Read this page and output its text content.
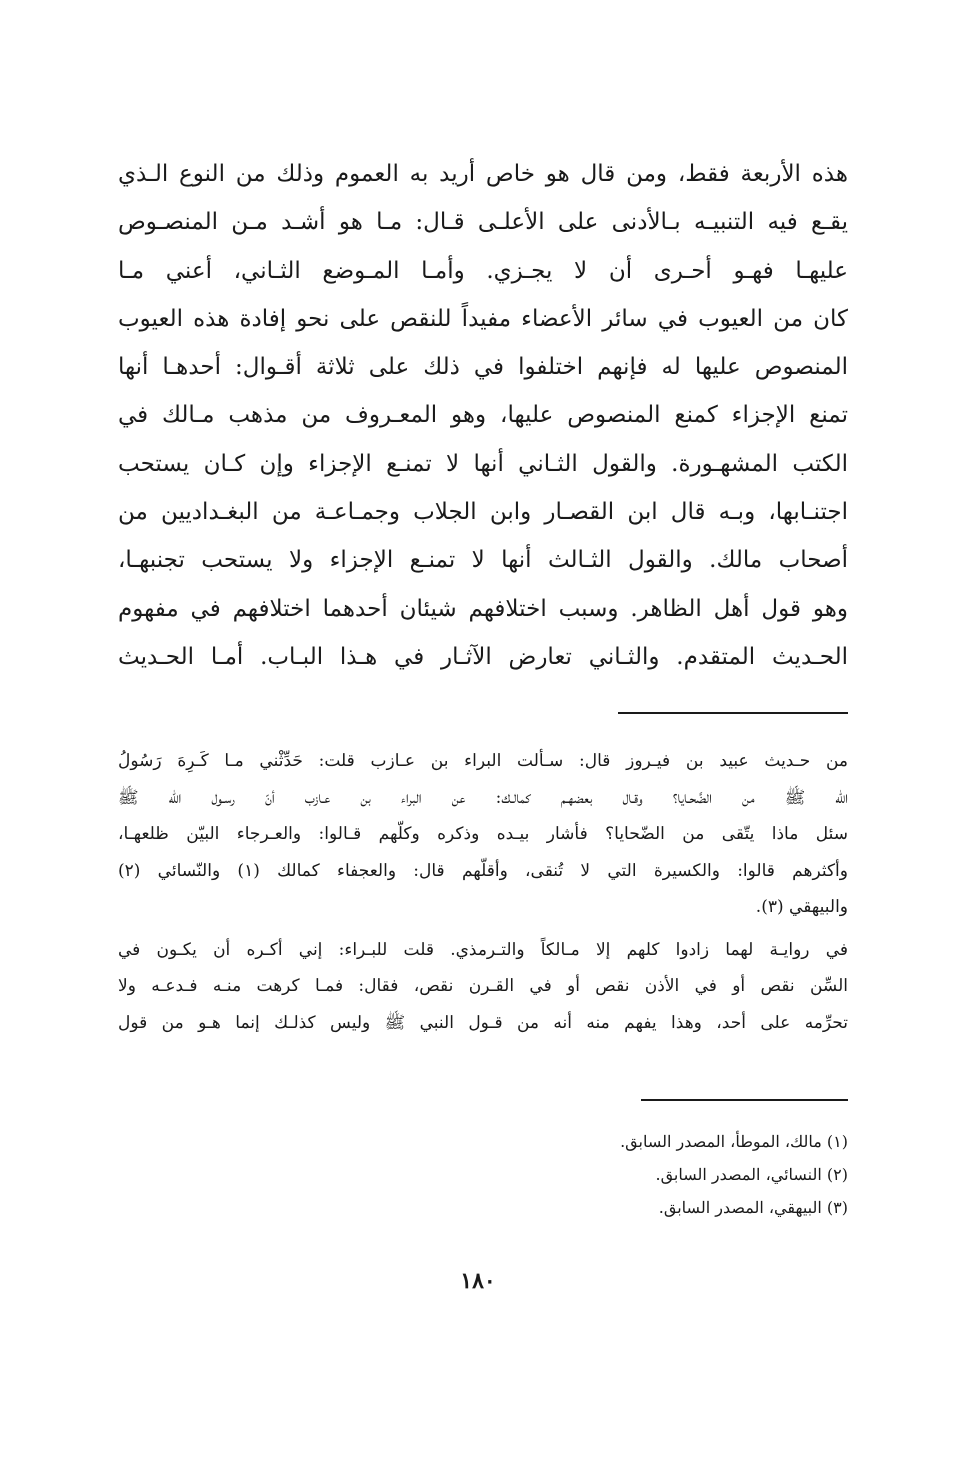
هذه الأربعة فقط، ومن قال هو خاص أريد به العموم وذلك من النوع الـذي
يقـع فيه التنبيـه بـالأدنى على الأعلـى قـال: مـا هو أشـد مـن المنصـوص
عليهـا فهـو أحـرى أن لا يجـزي. وأمـا المـوضع الثـاني، أعني مـا
كان من العيوب في سائر الأعضاء مفيداً للنقص على نحو إفادة هذه العيوب
المنصوص عليها له فإنهم اختلفوا في ذلك على ثلاثة أقـوال: أحدهـا أنها
تمنع الإجزاء كمنع المنصوص عليها، وهو المعـروف من مذهب مـالك في
الكتب المشهـورة. والقول الثـاني أنها لا تمنـع الإجزاء وإن كـان يستحب
اجتنـابها، وبـه قال ابن القصـار وابن الجلاب وجمـاعـة من البغـداديين من
أصحاب مالك. والقول الثـالث أنها لا تمنـع الإجزاء ولا يستحب تجنبهـا،
وهو قول أهل الظاهر. وسبب اختلافهم شيئان أحدهما اختلافهم في مفهوم
الحـديث المتقدم. والثـاني تعارض الآثـار في هـذا البـاب. أمـا الحـديث
من حـديث عبيد بن فيـروز قال: سـألت البراء بن عـازب قلت: حَدِّثْني مـا كَـرِهَ رَسُولُ
الله ﷺ من الضَّحـايا؟ وقـال بعضهـم كمالـك: عن البراء بن عـازب أنّ رسـول الله ﷺ
سئل ماذا يتّقى من الضّحايا؟ فأشار بيـده وذكره وكلّهم قـالوا: والعـرجاء البيّن ظلعهـا،
وأكثرهم قالوا: والكسيرة التي لا تُنقى، وأقلّهم قال: والعجفاء كمالك (١) والنّسائي (٢)
والبيهقي (٣).
في روايـة لهما زادوا كلهم إلا مـالكاً والتـرمذي. قلت للبـراء: إني أكـره أن يكـون في
السِّن نقص أو في الأذن نقص أو في القـرن نقص، فقال: فمـا كرهت منـه فـدعـه ولا
تحرِّمه على أحد، وهذا يفهم منه أنه من قـول النبي ﷺ وليس كذلـك إنما هـو من قول
(١) مالك، الموطأ، المصدر السابق.
(٢) النسائي، المصدر السابق.
(٣) البيهقي، المصدر السابق.
١٨٠
